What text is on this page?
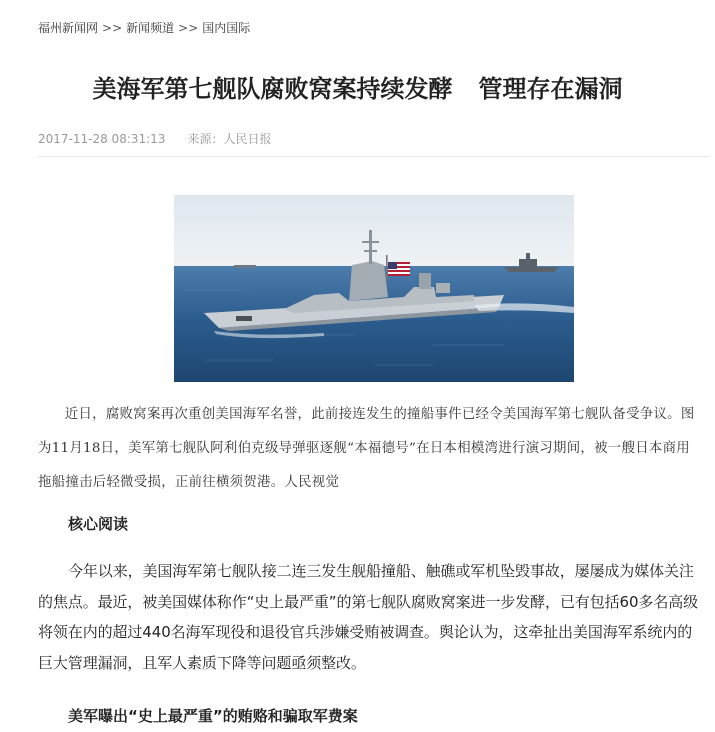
福州新闻网 >> 新闻频道 >> 国内国际
美海军第七舰队腐败窝案持续发酵 管理存在漏洞
2017-11-28 08:31:13 来源：人民日报

近日，腐败窝案再次重创美国海军名誉，此前接连发生的撞船事件已经令美国海军第七舰队备受争议。图为11月18日，美军第七舰队阿利伯克级导弹驱逐舰“本福德号”在日本相模湾进行演习期间，被一艘日本商用拖船撞击后轻微受损，正前往横须贺港。人民视觉

核心阅读

今年以来，美国海军第七舰队接二连三发生舰船撞船、触礁或军机坠毁事故，屡屡成为媒体关注的焦点。最近，被美国媒体称作“史上最严重”的第七舰队腐败窝案进一步发酵，已有包括60多名高级将领在内的超过440名海军现役和退役官兵涉嫌受贿被调查。舆论认为，这牵扯出美国海军系统内的巨大管理漏洞，且军人素质下降等问题亟须整改。

美军曝出“史上最严重”的贿赂和骗取军费案
